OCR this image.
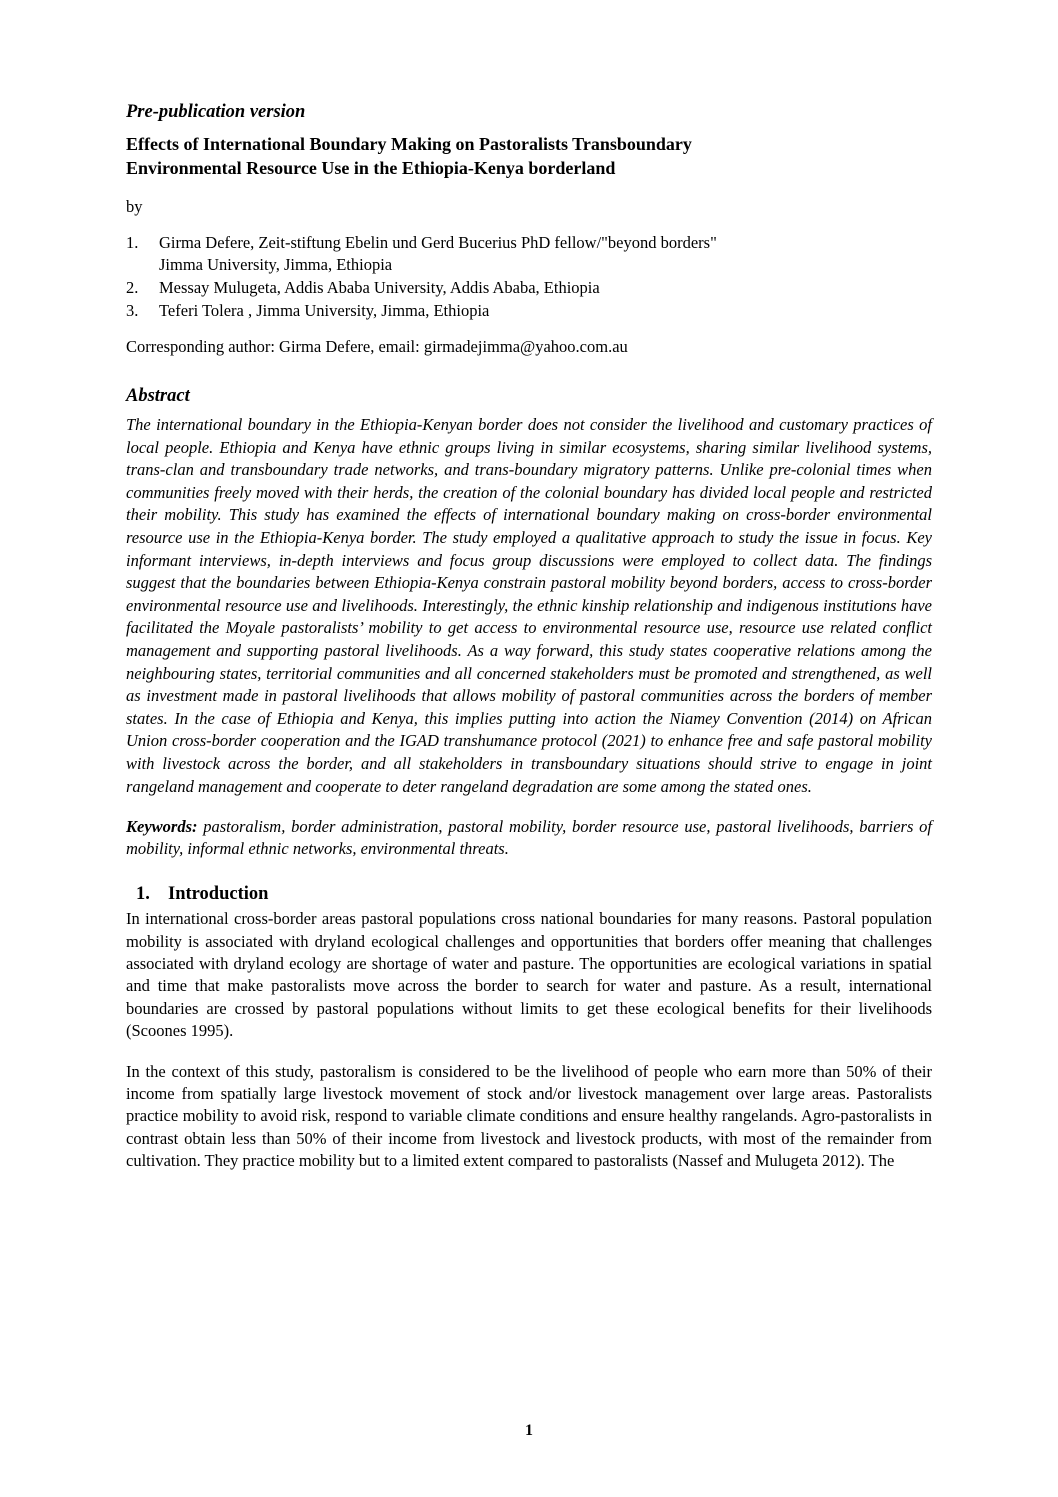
Pre-publication version

Effects of International Boundary Making on Pastoralists Transboundary
Environmental Resource Use in the Ethiopia-Kenya borderland

by

1. Girma Defere, Zeit-stiftung Ebelin und Gerd Bucerius PhD fellow/"beyond borders"
Jimma University, Jimma, Ethiopia
2. Messay Mulugeta, Addis Ababa University, Addis Ababa, Ethiopia
3. Teferi Tolera , Jimma University, Jimma, Ethiopia

Corresponding author: Girma Defere, email: girmadejimma@yahoo.com.au

Abstract

The international boundary in the Ethiopia-Kenyan border does not consider the livelihood and customary practices of local people. Ethiopia and Kenya have ethnic groups living in similar ecosystems, sharing similar livelihood systems, trans-clan and transboundary trade networks, and trans-boundary migratory patterns. Unlike pre-colonial times when communities freely moved with their herds, the creation of the colonial boundary has divided local people and restricted their mobility. This study has examined the effects of international boundary making on cross-border environmental resource use in the Ethiopia-Kenya border. The study employed a qualitative approach to study the issue in focus. Key informant interviews, in-depth interviews and focus group discussions were employed to collect data. The findings suggest that the boundaries between Ethiopia-Kenya constrain pastoral mobility beyond borders, access to cross-border environmental resource use and livelihoods. Interestingly, the ethnic kinship relationship and indigenous institutions have facilitated the Moyale pastoralists’ mobility to get access to environmental resource use, resource use related conflict management and supporting pastoral livelihoods. As a way forward, this study states cooperative relations among the neighbouring states, territorial communities and all concerned stakeholders must be promoted and strengthened, as well as investment made in pastoral livelihoods that allows mobility of pastoral communities across the borders of member states. In the case of Ethiopia and Kenya, this implies putting into action the Niamey Convention (2014) on African Union cross-border cooperation and the IGAD transhumance protocol (2021) to enhance free and safe pastoral mobility with livestock across the border, and all stakeholders in transboundary situations should strive to engage in joint rangeland management and cooperate to deter rangeland degradation are some among the stated ones.

Keywords: pastoralism, border administration, pastoral mobility, border resource use, pastoral livelihoods, barriers of mobility, informal ethnic networks, environmental threats.

1. Introduction

In international cross-border areas pastoral populations cross national boundaries for many reasons. Pastoral population mobility is associated with dryland ecological challenges and opportunities that borders offer meaning that challenges associated with dryland ecology are shortage of water and pasture. The opportunities are ecological variations in spatial and time that make pastoralists move across the border to search for water and pasture. As a result, international boundaries are crossed by pastoral populations without limits to get these ecological benefits for their livelihoods (Scoones 1995).

In the context of this study, pastoralism is considered to be the livelihood of people who earn more than 50% of their income from spatially large livestock movement of stock and/or livestock management over large areas. Pastoralists practice mobility to avoid risk, respond to variable climate conditions and ensure healthy rangelands. Agro-pastoralists in contrast obtain less than 50% of their income from livestock and livestock products, with most of the remainder from cultivation. They practice mobility but to a limited extent compared to pastoralists (Nassef and Mulugeta 2012). The

1
